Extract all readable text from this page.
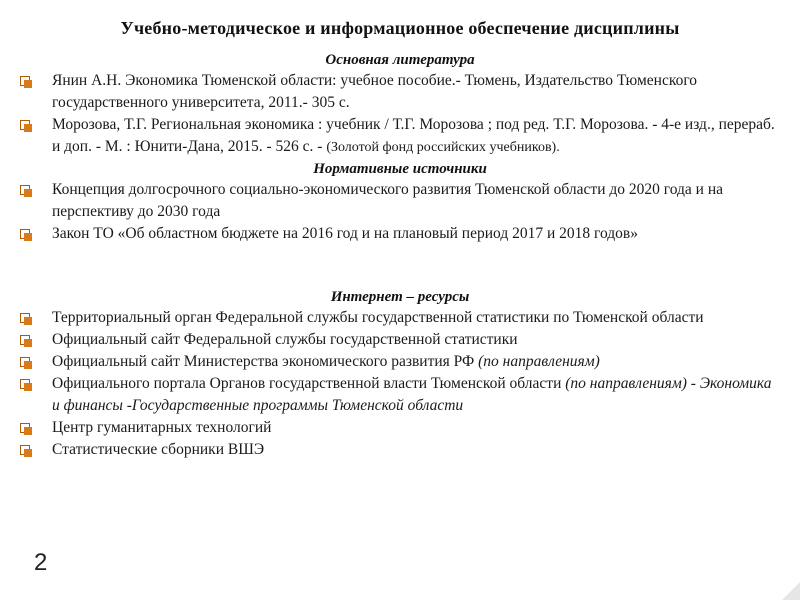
Учебно-методическое и информационное обеспечение дисциплины

Основная литература

Янин А.Н. Экономика Тюменской области: учебное пособие.- Тюмень, Издательство Тюменского государственного университета, 2011.- 305 с.
Морозова, Т.Г. Региональная экономика : учебник / Т.Г. Морозова ; под ред. Т.Г. Морозова. - 4-е изд., перераб. и доп. - М. : Юнити-Дана, 2015. - 526 с. - (Золотой фонд российских учебников).

Нормативные источники

Концепция долгосрочного социально-экономического развития Тюменской области до 2020 года и на перспективу до 2030 года
Закон ТО «Об областном бюджете на 2016 год и на плановый период 2017 и 2018 годов»

Интернет – ресурсы

Территориальный орган Федеральной службы государственной статистики по Тюменской области
Официальный сайт Федеральной службы государственной статистики
Официальный сайт Министерства экономического развития РФ (по направлениям)
Официального портала Органов государственной власти Тюменской области (по направлениям) - Экономика и финансы -Государственные программы Тюменской области
Центр гуманитарных технологий
Статистические сборники ВШЭ
2
